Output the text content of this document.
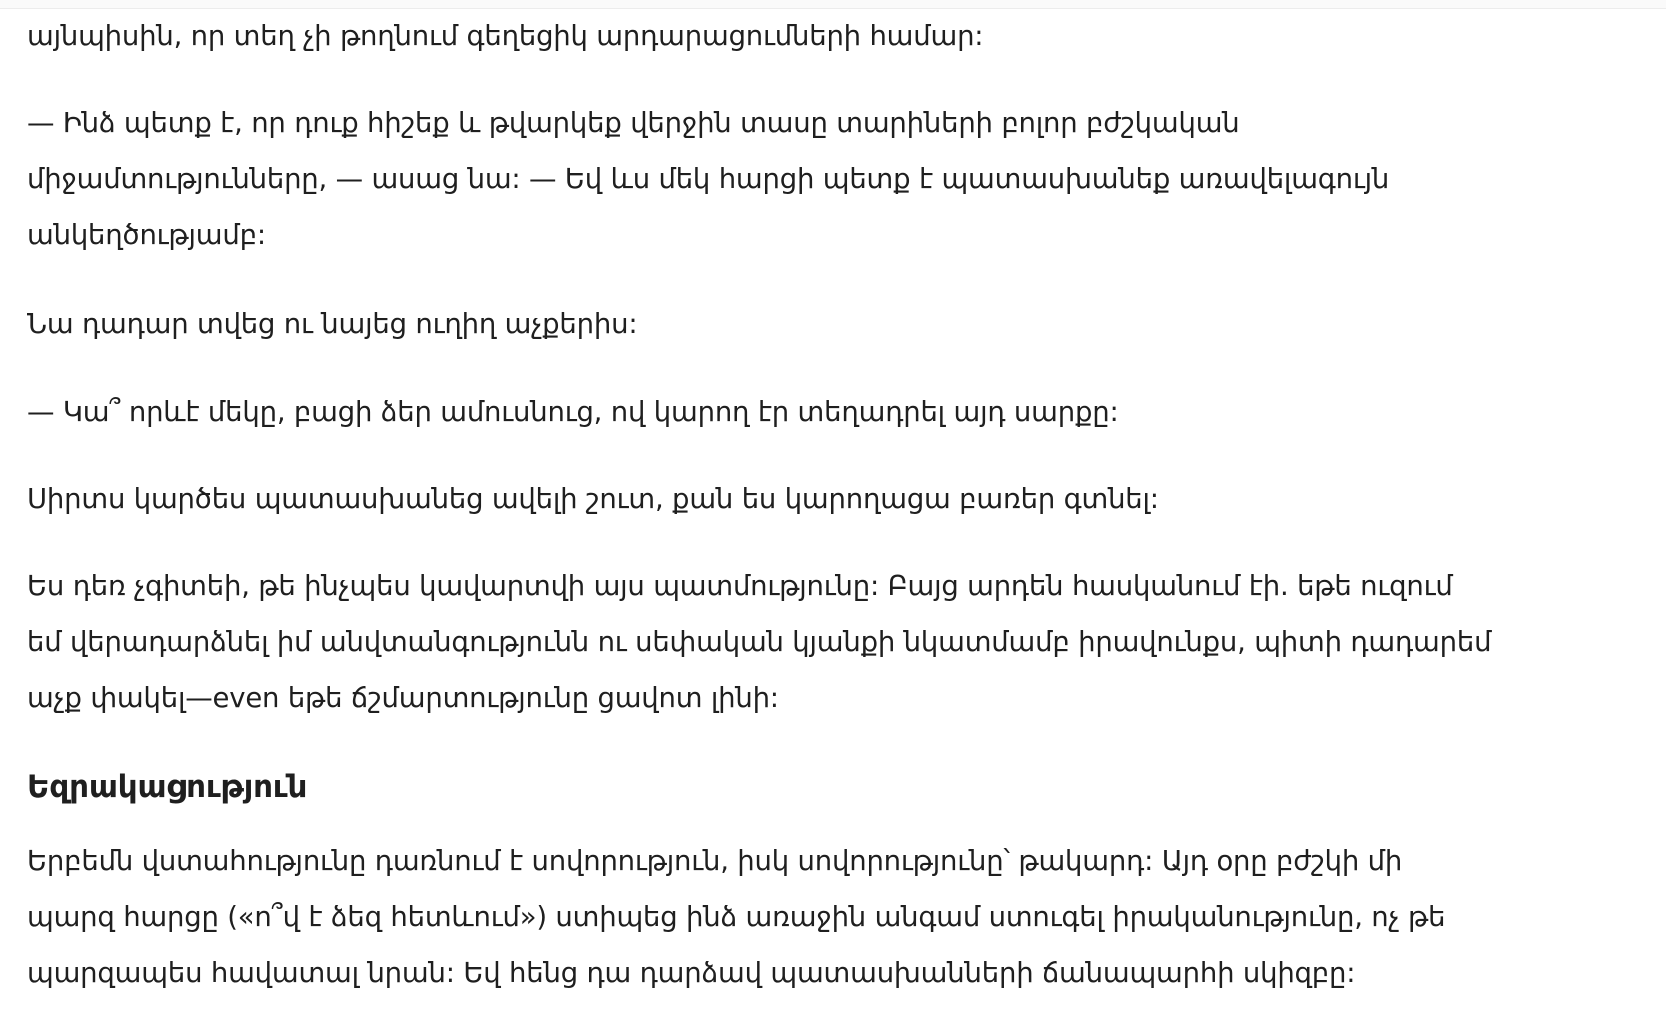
այնպիսին, որ տեղ չի թողնում գեղեցիկ արդարացումների համար:

— Ինձ պետք է, որ դուք հիշեք և թվարկեք վերջին տասը տարիների բոլոր բժշկական
միջամտությունները, — ասաց նա: — Եվ ևս մեկ հարցի պետք է պատասխանեք առավելագույն
անկեղծությամբ:

Նա դադար տվեց ու նայեց ուղիղ աչքերիս:

— Կա՞ որևէ մեկը, բացի ձեր ամուսնուց, ով կարող էր տեղադրել այդ սարքը:

Սիրտս կարծես պատասխանեց ավելի շուտ, քան ես կարողացա բառեր գտնել:

Ես դեռ չգիտեի, թե ինչպես կավարտվի այս պատմությունը: Բայց արդեն հասկանում էի. եթե ուզում
եմ վերադարձնել իմ անվտանգությունն ու սեփական կյանքի նկատմամբ իրավունքս, պիտի դադարեմ
աչք փակել—even եթե ճշմարտությունը ցավոտ լինի:

Եզրակացություն

Երբեմն վստահությունը դառնում է սովորություն, իսկ սովորությունը՝ թակարդ: Այդ օրը բժշկի մի
պարզ հարցը («ո՞վ է ձեզ հետևում») ստիպեց ինձ առաջին անգամ ստուգել իրականությունը, ոչ թե
պարզապես հավատալ նրան: Եվ հենց դա դարձավ պատասխանների ճանապարհի սկիզբը:
